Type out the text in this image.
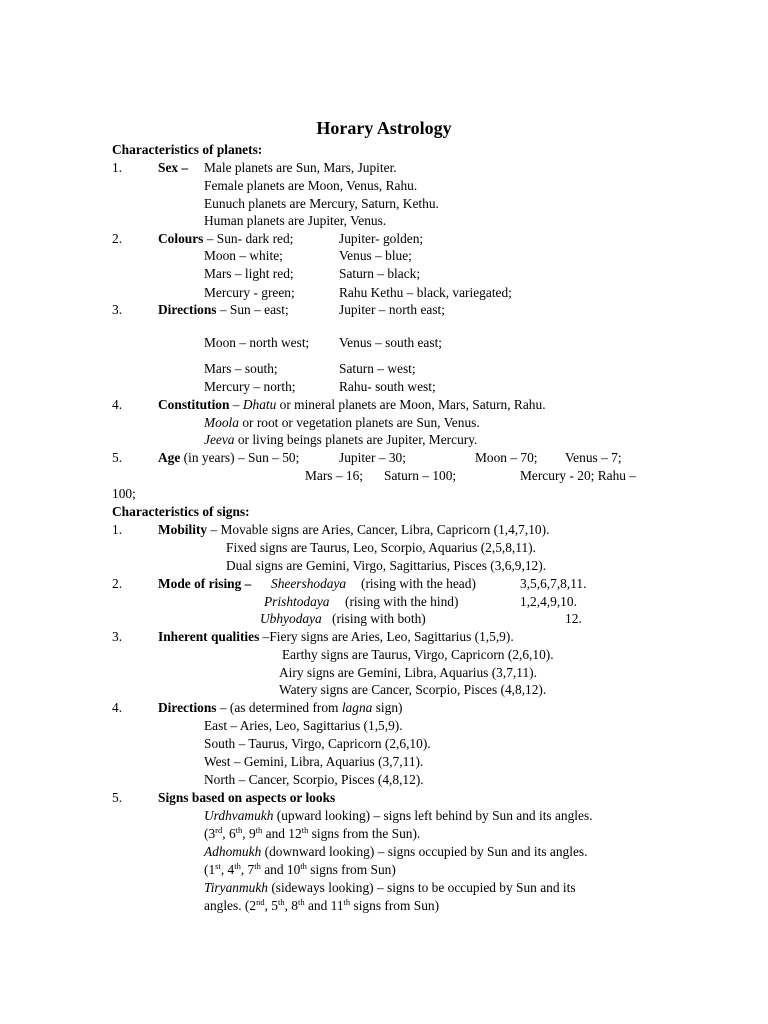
Horary Astrology
Characteristics of planets:
1.	Sex – Male planets are Sun, Mars, Jupiter.
Female planets are Moon, Venus, Rahu.
Eunuch planets are Mercury, Saturn, Kethu.
Human planets are Jupiter, Venus.
2.	Colours – Sun- dark red;	Jupiter- golden;
Moon – white;	Venus – blue;
Mars – light red;	Saturn – black;
Mercury - green;	Rahu Kethu – black, variegated;
3.	Directions – Sun – east;	Jupiter – north east;
Moon – north west; Venus – south east;
Mars – south;	Saturn – west;
Mercury – north;	Rahu- south west;
4.	Constitution – Dhatu or mineral planets are Moon, Mars, Saturn, Rahu.
Moola or root or vegetation planets are Sun, Venus.
Jeeva or living beings planets are Jupiter, Mercury.
5.	Age (in years) – Sun – 50;	Jupiter – 30;	Moon – 70; Venus – 7;
Mars – 16; Saturn – 100;	Mercury - 20; Rahu –
100;
Characteristics of signs:
1.	Mobility – Movable signs are Aries, Cancer, Libra, Capricorn (1,4,7,10).
Fixed signs are Taurus, Leo, Scorpio, Aquarius (2,5,8,11).
Dual signs are Gemini, Virgo, Sagittarius, Pisces (3,6,9,12).
2.	Mode of rising – Sheershodaya (rising with the head)	3,5,6,7,8,11.
Prishtodaya (rising with the hind)	1,2,4,9,10.
Ubhyodaya (rising with both)	12.
3.	Inherent qualities –Fiery signs are Aries, Leo, Sagittarius (1,5,9).
Earthy signs are Taurus, Virgo, Capricorn (2,6,10).
Airy signs are Gemini, Libra, Aquarius (3,7,11).
Watery signs are Cancer, Scorpio, Pisces (4,8,12).
4.	Directions – (as determined from lagna sign)
East – Aries, Leo, Sagittarius (1,5,9).
South – Taurus, Virgo, Capricorn (2,6,10).
West – Gemini, Libra, Aquarius (3,7,11).
North – Cancer, Scorpio, Pisces (4,8,12).
5.	Signs based on aspects or looks
Urdhvamukh (upward looking) – signs left behind by Sun and its angles.
(3rd, 6th, 9th and 12th signs from the Sun).
Adhomukh (downward looking) – signs occupied by Sun and its angles.
(1st, 4th, 7th and 10th signs from Sun)
Tiryanmukh (sideways looking) – signs to be occupied by Sun and its
angles. (2nd, 5th, 8th and 11th signs from Sun)
